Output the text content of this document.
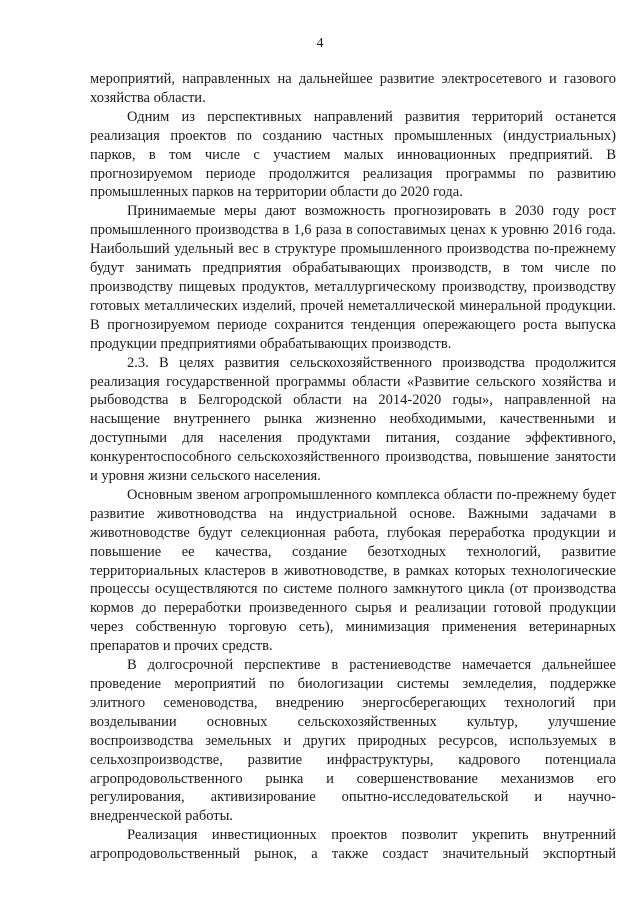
4

мероприятий, направленных на дальнейшее развитие электросетевого и газового хозяйства области.

Одним из перспективных направлений развития территорий останется реализация проектов по созданию частных промышленных (индустриальных) парков, в том числе с участием малых инновационных предприятий. В прогнозируемом периоде продолжится реализация программы по развитию промышленных парков на территории области до 2020 года.

Принимаемые меры дают возможность прогнозировать в 2030 году рост промышленного производства в 1,6 раза в сопоставимых ценах к уровню 2016 года. Наибольший удельный вес в структуре промышленного производства по-прежнему будут занимать предприятия обрабатывающих производств, в том числе по производству пищевых продуктов, металлургическому производству, производству готовых металлических изделий, прочей неметаллической минеральной продукции. В прогнозируемом периоде сохранится тенденция опережающего роста выпуска продукции предприятиями обрабатывающих производств.

2.3. В целях развития сельскохозяйственного производства продолжится реализация государственной программы области «Развитие сельского хозяйства и рыбоводства в Белгородской области на 2014-2020 годы», направленной на насыщение внутреннего рынка жизненно необходимыми, качественными и доступными для населения продуктами питания, создание эффективного, конкурентоспособного сельскохозяйственного производства, повышение занятости и уровня жизни сельского населения.

Основным звеном агропромышленного комплекса области по-прежнему будет развитие животноводства на индустриальной основе. Важными задачами в животноводстве будут селекционная работа, глубокая переработка продукции и повышение ее качества, создание безотходных технологий, развитие территориальных кластеров в животноводстве, в рамках которых технологические процессы осуществляются по системе полного замкнутого цикла (от производства кормов до переработки произведенного сырья и реализации готовой продукции через собственную торговую сеть), минимизация применения ветеринарных препаратов и прочих средств.

В долгосрочной перспективе в растениеводстве намечается дальнейшее проведение мероприятий по биологизации системы земледелия, поддержке элитного семеноводства, внедрению энергосберегающих технологий при возделывании основных сельскохозяйственных культур, улучшение воспроизводства земельных и других природных ресурсов, используемых в сельхозпроизводстве, развитие инфраструктуры, кадрового потенциала агропродовольственного рынка и совершенствование механизмов его регулирования, активизирование опытно-исследовательской и научно-внедренческой работы.

Реализация инвестиционных проектов позволит укрепить внутренний агропродовольственный рынок, а также создаст значительный экспортный
